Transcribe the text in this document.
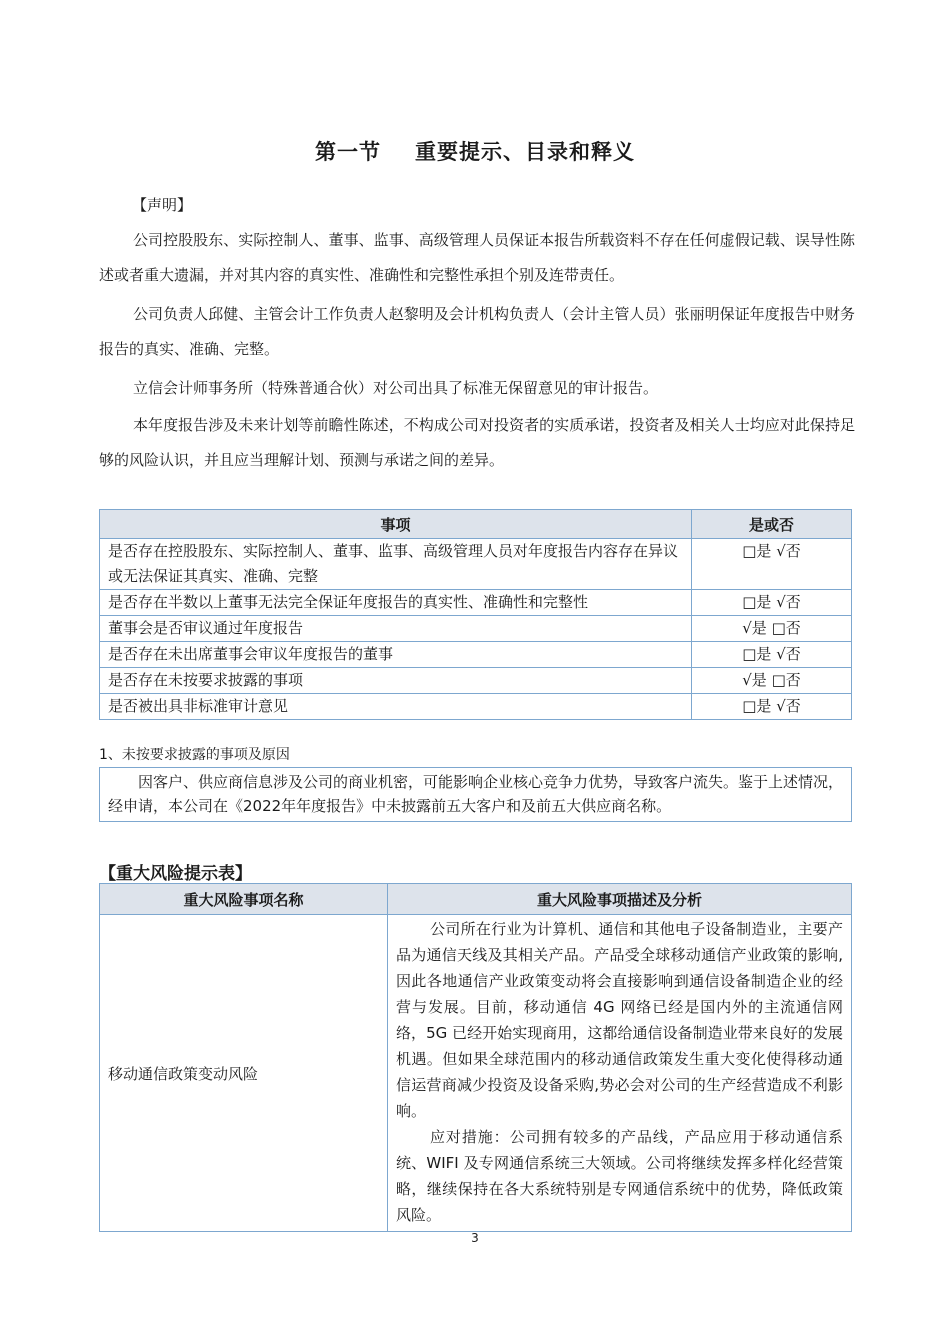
第一节 重要提示、目录和释义

【声明】

公司控股股东、实际控制人、董事、监事、高级管理人员保证本报告所载资料不存在任何虚假记载、误导性陈述或者重大遗漏，并对其内容的真实性、准确性和完整性承担个别及连带责任。

公司负责人邱健、主管会计工作负责人赵黎明及会计机构负责人（会计主管人员）张丽明保证年度报告中财务报告的真实、准确、完整。

立信会计师事务所（特殊普通合伙）对公司出具了标准无保留意见的审计报告。

本年度报告涉及未来计划等前瞻性陈述，不构成公司对投资者的实质承诺，投资者及相关人士均应对此保持足够的风险认识，并且应当理解计划、预测与承诺之间的差异。

事项	是或否
是否存在控股股东、实际控制人、董事、监事、高级管理人员对年度报告内容存在异议或无法保证其真实、准确、完整	□是 √否
是否存在半数以上董事无法完全保证年度报告的真实性、准确性和完整性	□是 √否
董事会是否审议通过年度报告	√是 □否
是否存在未出席董事会审议年度报告的董事	□是 √否
是否存在未按要求披露的事项	√是 □否
是否被出具非标准审计意见	□是 √否
1、未按要求披露的事项及原因
因客户、供应商信息涉及公司的商业机密，可能影响企业核心竞争力优势，导致客户流失。鉴于上述情况，经申请，本公司在《2022年年度报告》中未披露前五大客户和及前五大供应商名称。
【重大风险提示表】
重大风险事项名称	重大风险事项描述及分析
移动通信政策变动风险	公司所在行业为计算机、通信和其他电子设备制造业，主要产品为通信天线及其相关产品。产品受全球移动通信产业政策的影响,因此各地通信产业政策变动将会直接影响到通信设备制造企业的经营与发展。目前，移动通信 4G 网络已经是国内外的主流通信网络，5G 已经开始实现商用，这都给通信设备制造业带来良好的发展机遇。但如果全球范围内的移动通信政策发生重大变化使得移动通信运营商减少投资及设备采购,势必会对公司的生产经营造成不利影响。

应对措施：公司拥有较多的产品线，产品应用于移动通信系统、WIFI 及专网通信系统三大领域。公司将继续发挥多样化经营策略，继续保持在各大系统特别是专网通信系统中的优势，降低政策风险。

3
